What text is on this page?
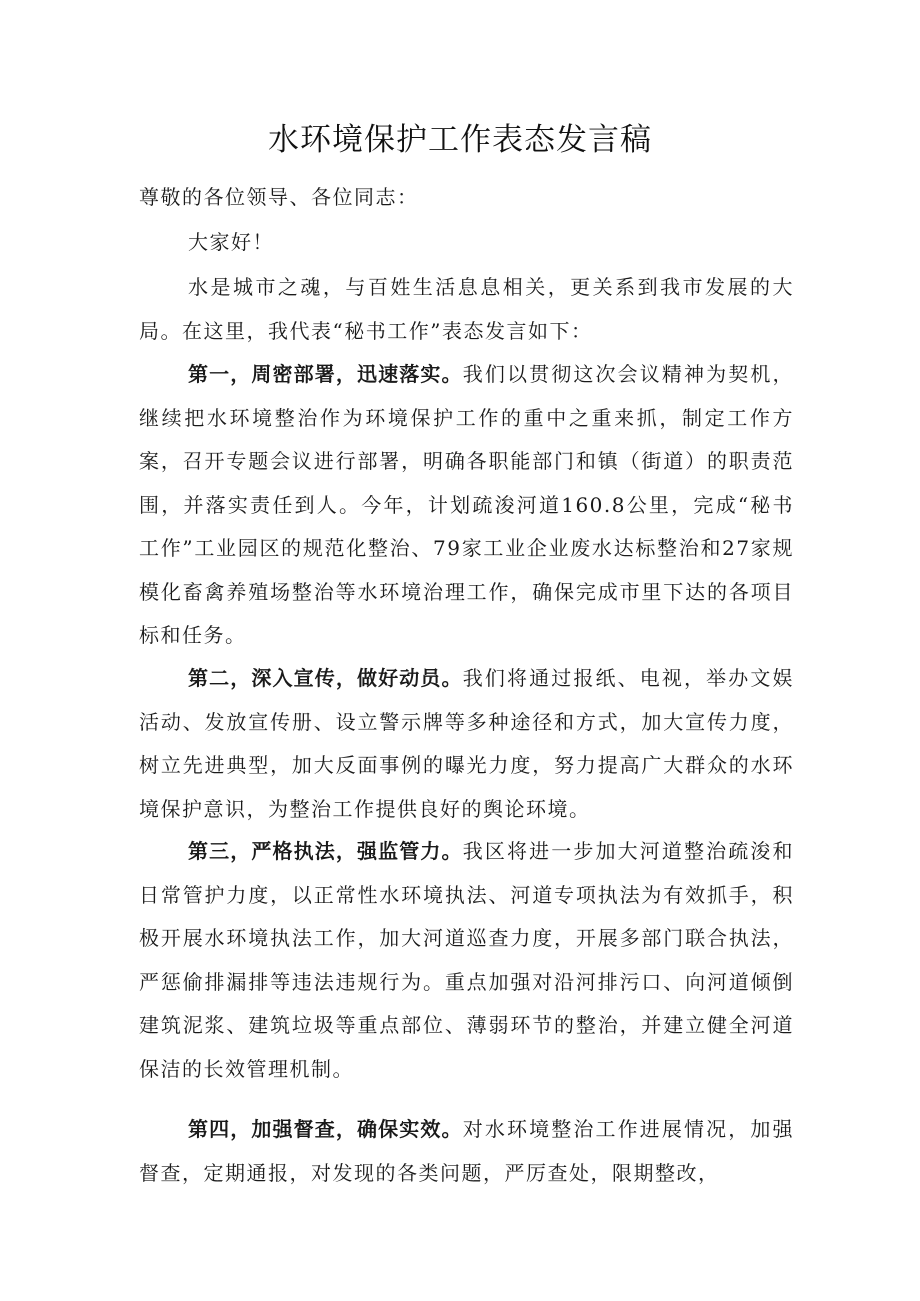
水环境保护工作表态发言稿

尊敬的各位领导、各位同志：

大家好！

水是城市之魂，与百姓生活息息相关，更关系到我市发展的大局。在这里，我代表“秘书工作”表态发言如下：

第一，周密部署，迅速落实。我们以贯彻这次会议精神为契机，继续把水环境整治作为环境保护工作的重中之重来抓，制定工作方案，召开专题会议进行部署，明确各职能部门和镇（街道）的职责范围，并落实责任到人。今年，计划疏浚河道160.8公里，完成“秘书工作”工业园区的规范化整治、79家工业企业废水达标整治和27家规模化畜禽养殖场整治等水环境治理工作，确保完成市里下达的各项目标和任务。

第二，深入宣传，做好动员。我们将通过报纸、电视，举办文娱活动、发放宣传册、设立警示牌等多种途径和方式，加大宣传力度，树立先进典型，加大反面事例的曝光力度，努力提高广大群众的水环境保护意识，为整治工作提供良好的舆论环境。

第三，严格执法，强监管力。我区将进一步加大河道整治疏浚和日常管护力度，以正常性水环境执法、河道专项执法为有效抓手，积极开展水环境执法工作，加大河道巡查力度，开展多部门联合执法，严惩偷排漏排等违法违规行为。重点加强对沿河排污口、向河道倾倒建筑泥浆、建筑垃圾等重点部位、薄弱环节的整治，并建立健全河道保洁的长效管理机制。

第四，加强督查，确保实效。对水环境整治工作进展情况，加强督查，定期通报，对发现的各类问题，严厉查处，限期整改，
